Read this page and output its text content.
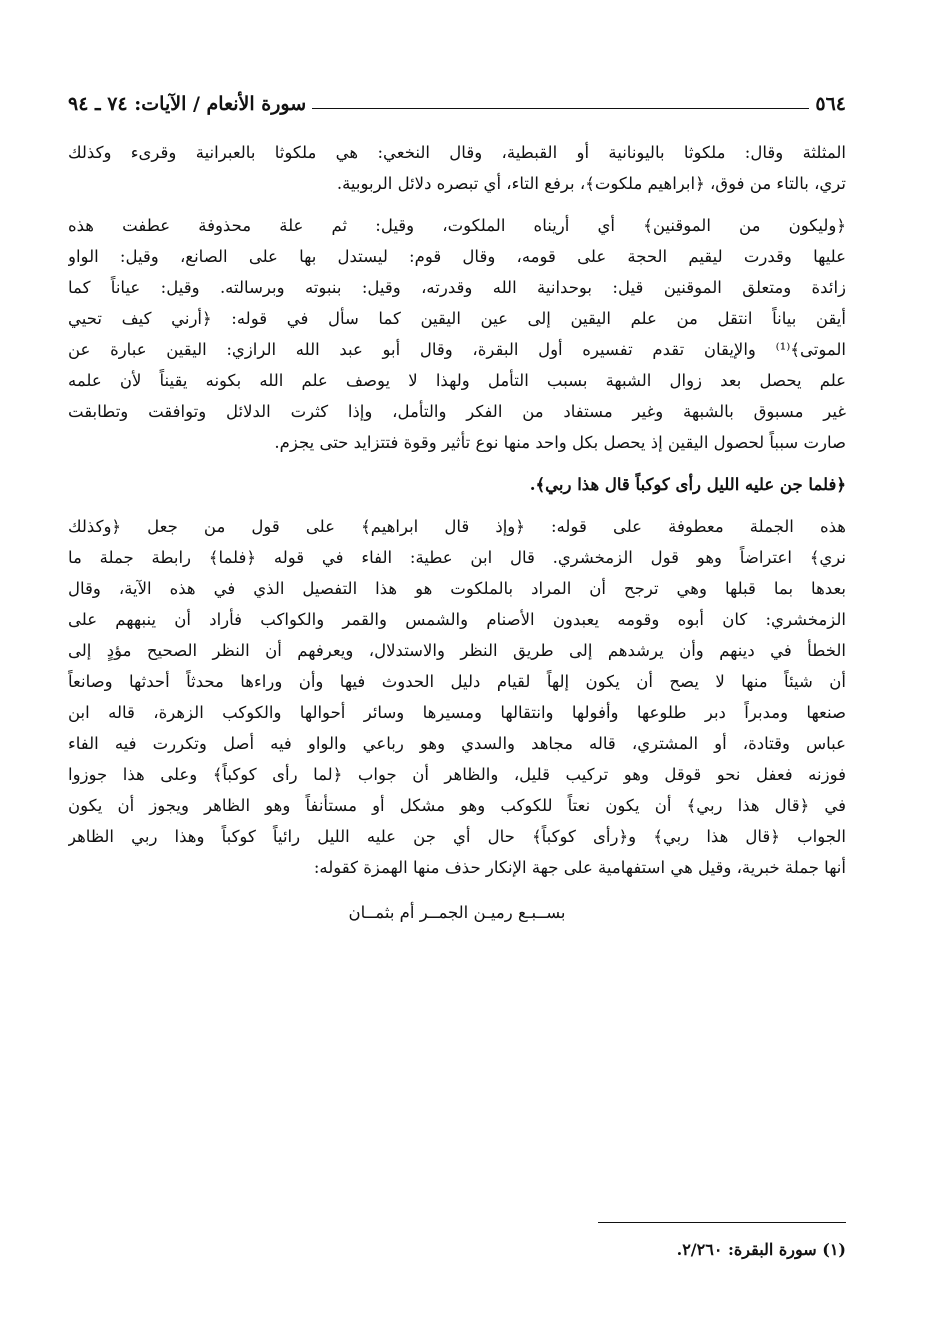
٥٦٤
سورة الأنعام / الآيات: ٧٤ ـ ٩٤
المثلثة وقال: ملكوثا باليونانية أو القبطية، وقال النخعي: هي ملكوثا بالعبرانية وقرىء وكذلك
تري، بالتاء من فوق، ﴿ابراهيم ملكوت﴾، برفع التاء، أي تبصره دلائل الربوبية.
﴿وليكون من الموقنين﴾ أي أريناه الملكوت، وقيل: ثم علة محذوفة عطفت هذه
عليها وقدرت ليقيم الحجة على قومه، وقال قوم: ليستدل بها على الصانع، وقيل: الواو
زائدة ومتعلق الموقنين قيل: بوحدانية الله وقدرته، وقيل: بنبوته وبرسالته. وقيل: عياناً كما
أيقن بياناً انتقل من علم اليقين إلى عين اليقين كما سأل في قوله: ﴿أرني كيف تحيي
الموتى﴾⁽¹⁾ والإيقان تقدم تفسيره أول البقرة، وقال أبو عبد الله الرازي: اليقين عبارة عن
علم يحصل بعد زوال الشبهة بسبب التأمل ولهذا لا يوصف علم الله بكونه يقيناً لأن علمه
غير مسبوق بالشبهة وغير مستفاد من الفكر والتأمل، وإذا كثرت الدلائل وتوافقت وتطابقت
صارت سبباً لحصول اليقين إذ يحصل بكل واحد منها نوع تأثير وقوة فتتزايد حتى يجزم.
﴿فلما جن عليه الليل رأى كوكباً قال هذا ربي﴾.
هذه الجملة معطوفة على قوله: ﴿وإذ قال ابراهيم﴾ على قول من جعل ﴿وكذلك
نري﴾ اعتراضاً وهو قول الزمخشري. قال ابن عطية: الفاء في قوله ﴿فلما﴾ رابطة جملة ما
بعدها بما قبلها وهي ترجح أن المراد بالملكوت هو هذا التفصيل الذي في هذه الآية، وقال
الزمخشري: كان أبوه وقومه يعبدون الأصنام والشمس والقمر والكواكب فأراد أن ينبههم على
الخطأ في دينهم وأن يرشدهم إلى طريق النظر والاستدلال، ويعرفهم أن النظر الصحيح مؤدٍ إلى
أن شيئاً منها لا يصح أن يكون إلهاً لقيام دليل الحدوث فيها وأن وراءها محدثاً أحدثها وصانعاً
صنعها ومدبراً دبر طلوعها وأفولها وانتقالها ومسيرها وسائر أحوالها والكوكب الزهرة، قاله ابن
عباس وقتادة، أو المشتري، قاله مجاهد والسدي وهو رباعي والواو فيه أصل وتكررت فيه الفاء
فوزنه فعفل نحو قوقل وهو تركيب قليل، والظاهر أن جواب ﴿لما رأى كوكباً﴾ وعلى هذا جوزوا
في ﴿قال هذا ربي﴾ أن يكون نعتاً للكوكب وهو مشكل أو مستأنفاً وهو الظاهر ويجوز أن يكون
الجواب ﴿قال هذا ربي﴾ و﴿رأى كوكباً﴾ حال أي جن عليه الليل رائياً كوكباً وهذا ربي الظاهر
أنها جملة خبرية، وقيل هي استفهامية على جهة الإنكار حذف منها الهمزة كقوله:
بســبـع رميـن الجمــر أم بثمــان
(١) سورة البقرة: ٢/٢٦٠.
